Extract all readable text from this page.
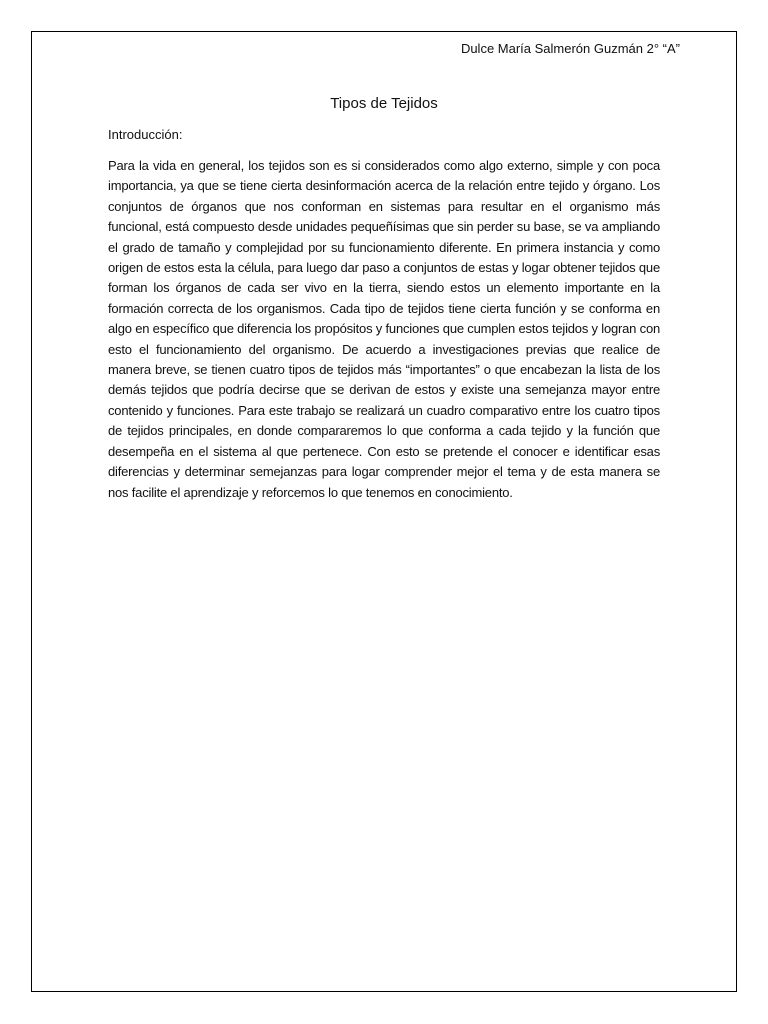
Dulce María Salmerón Guzmán 2° “A”
Tipos de Tejidos
Introducción:

Para la vida en general, los tejidos son es si considerados como algo externo, simple y con poca importancia, ya que se tiene cierta desinformación acerca de la relación entre tejido y órgano. Los conjuntos de órganos que nos conforman en sistemas para resultar en el organismo más funcional, está compuesto desde unidades pequeñísimas que sin perder su base, se va ampliando el grado de tamaño y complejidad por su funcionamiento diferente. En primera instancia y como origen de estos esta la célula, para luego dar paso a conjuntos de estas y logar obtener tejidos que forman los órganos de cada ser vivo en la tierra, siendo estos un elemento importante en la formación correcta de los organismos. Cada tipo de tejidos tiene cierta función y se conforma en algo en específico que diferencia los propósitos y funciones que cumplen estos tejidos y logran con esto el funcionamiento del organismo. De acuerdo a investigaciones previas que realice de manera breve, se tienen cuatro tipos de tejidos más “importantes” o que encabezan la lista de los demás tejidos que podría decirse que se derivan de estos y existe una semejanza mayor entre contenido y funciones. Para este trabajo se realizará un cuadro comparativo entre los cuatro tipos de tejidos principales, en donde compararemos lo que conforma a cada tejido y la función que desempeña en el sistema al que pertenece. Con esto se pretende el conocer e identificar esas diferencias y determinar semejanzas para logar comprender mejor el tema y de esta manera se nos facilite el aprendizaje y reforcemos lo que tenemos en conocimiento.
